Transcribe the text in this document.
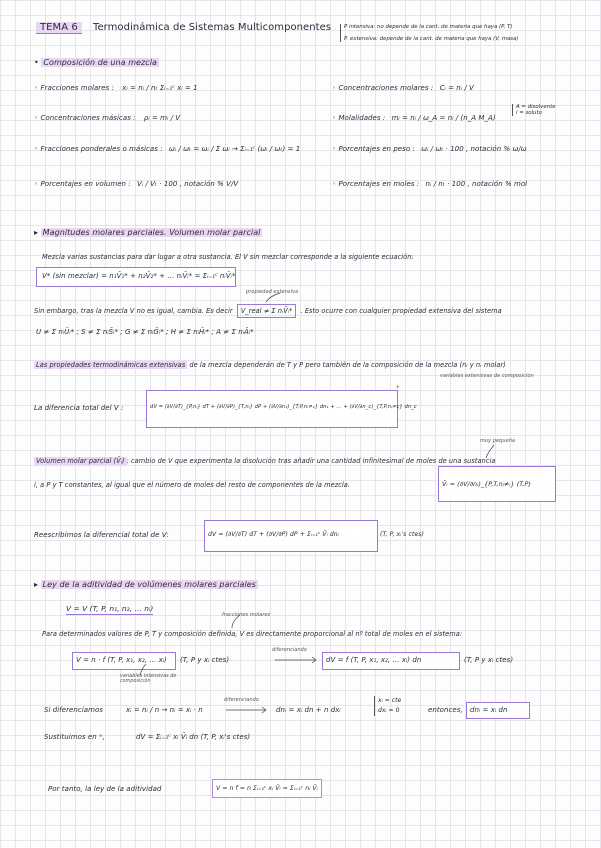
TEMA 6 Termodinámica de Sistemas Multicomponentes P intensiva: no depende de la cant. de materia que haya (P, T)
P. extensiva: depende de la cant. de materia que haya (V, masa)
• Composición de una mezcla
◦ Fracciones molares : xᵢ = nᵢ / nₜ Σᵢ₌₁ᶜ xᵢ = 1
◦ Concentraciones másicas : ρᵢ = mᵢ / V
◦ Fracciones ponderales o másicas : ωᵢ / ωₜ = ωᵢ / Σ ωᵢ → Σᵢ₌₁ᶜ (ωᵢ / ωₜ) = 1
◦ Porcentajes en volumen : Vᵢ / Vₜ · 100 , notación % V/V
◦ Concentraciones molares : Cᵢ = nᵢ / V
◦ Molalidades : mᵢ = nᵢ / ω_A = nᵢ / (n_A M_A)
A = disolvente
i = soluto
◦ Porcentajes en peso : ωᵢ / ωₜ · 100 , notación % ω/ω
◦ Porcentajes en moles : nᵢ / nₜ · 100 , notación % mol
▸ Magnitudes molares parciales. Volumen molar parcial
Mezcla varias sustancias para dar lugar a otra sustancia. El V sin mezclar corresponde a la siguiente ecuación:
V* (sin mezclar) = n₁V̄₁* + n₂V̄₂* + … nᵢV̄ᵢ* = Σᵢ₌₁ᶜ nᵢV̄ᵢ*
Sin embargo, tras la mezcla V no es igual, cambia. Es decir V_real ≠ Σ nᵢV̄ᵢ* . Esto ocurre con cualquier propiedad extensiva del sistema
propiedad extensiva
U ≠ Σ nᵢŪᵢ* ; S ≠ Σ nᵢS̄ᵢ* ; G ≠ Σ nᵢḠᵢ* ; H ≠ Σ nᵢH̄ᵢ* ; A ≠ Σ nᵢĀᵢ*
Las propiedades termodinámicas extensivas de la mezcla dependerán de T y P pero también de la composición de la mezcla (nᵢ y nᵣ molar)
variables extensivas de composición
La diferencia total del V :	dV = (∂V/∂T)_{P,nᵢ} dT + (∂V/∂P)_{T,nᵢ} dP + (∂V/∂n₁)_{T,P,nᵢ≠₁} dn₁ + … + (∂V/∂n_c)_{T,P,nᵢ≠c} dn_c
*
Volumen molar parcial (V̄ᵢ) : cambio de V que experimenta la disolución tras añadir una cantidad infinitesimal de moles de una sustancia
muy pequeña
i, a P y T constantes, al igual que el número de moles del resto de componentes de la mezcla.	V̄ᵢ = (∂V/∂nᵢ)_{P,T,nⱼ≠ᵢ} (T,P)
Reescribimos la diferencial total de V:	dV = (∂V/∂T) dT + (∂V/∂P) dP + Σᵢ₌₁ᶜ V̄ᵢ dnᵢ	(T, P, xᵢ's ctes)
▸ Ley de la aditividad de volúmenes molares parciales
V = V (T, P, n₁, n₂, … nᵢ)
Para determinados valores de P, T y composición definida, V es directamente proporcional al nº total de moles en el sistema:
fracciones molares
V = n · f (T, P, x₁, x₂, … xᵢ) (T, P y xᵢ ctes)
diferenciando
dV = f (T, P, x₁, x₂, … xᵢ) dn	(T, P y xᵢ ctes)
variables intensivas de composición
Si diferenciamos	xᵢ = nᵢ / n → nᵢ = xᵢ · n
diferenciando
dnᵢ = xᵢ dn + n dxᵢ
xᵢ = cte
dxᵢ = 0	entonces, dnᵢ = xᵢ dn
Sustituimos en *,	dV = Σᵢ₌₁ᶜ xᵢ V̄ᵢ dn (T, P, xᵢ's ctes)
Por tanto, la ley de la aditividad	V = n f = n Σᵢ₌₁ᶜ xᵢ V̄ᵢ = Σᵢ₌₁ᶜ nᵢ V̄ᵢ
